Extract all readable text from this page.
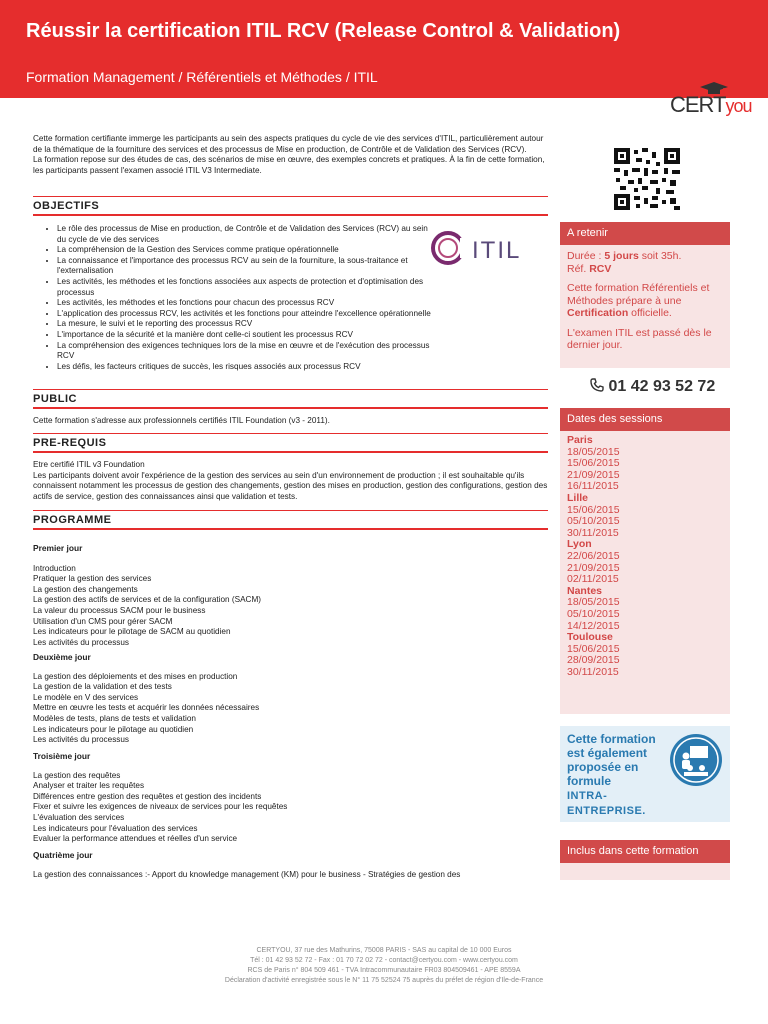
Réussir la certification ITIL RCV (Release Control & Validation)
Formation Management / Référentiels et Méthodes / ITIL
CERTyou
Cette formation certifiante immerge les participants au sein des aspects pratiques du cycle de vie des services d'ITIL, particulièrement autour de la thématique de la fourniture des services et des processus de Mise en production, de Contrôle et de Validation des Services (RCV).
La formation repose sur des études de cas, des scénarios de mise en œuvre, des exemples concrets et pratiques. À la fin de cette formation, les participants passent l'examen associé ITIL V3 Intermediate.
OBJECTIFS
• Le rôle des processus de Mise en production, de Contrôle et de Validation des Services (RCV) au sein du cycle de vie des services
• La compréhension de la Gestion des Services comme pratique opérationnelle
• La connaissance et l'importance des processus RCV au sein de la fourniture, la sous-traitance et l'externalisation
• Les activités, les méthodes et les fonctions associées aux aspects de protection et d'optimisation des processus
• Les activités, les méthodes et les fonctions pour chacun des processus RCV
• L'application des processus RCV, les activités et les fonctions pour atteindre l'excellence opérationnelle
• La mesure, le suivi et le reporting des processus RCV
• L'importance de la sécurité et la manière dont celle-ci soutient les processus RCV
• La compréhension des exigences techniques lors de la mise en œuvre et de l'exécution des processus RCV
• Les défis, les facteurs critiques de succès, les risques associés aux processus RCV
ITIL
PUBLIC
Cette formation s'adresse aux professionnels certifiés ITIL Foundation (v3 - 2011).
PRE-REQUIS
Etre certifié ITIL v3 Foundation
Les participants doivent avoir l'expérience de la gestion des services au sein d'un environnement de production ; il est souhaitable qu'ils connaissent notamment les processus de gestion des changements, gestion des mises en production, gestion des configurations, gestion des actifs de service, gestion des connaissances ainsi que validation et tests.
PROGRAMME
Premier jour
Introduction
Pratiquer la gestion des services
La gestion des changements
La gestion des actifs de services et de la configuration (SACM)
La valeur du processus SACM pour le business
Utilisation d'un CMS pour gérer SACM
Les indicateurs pour le pilotage de SACM au quotidien
Les activités du processus
Deuxième jour
La gestion des déploiements et des mises en production
La gestion de la validation et des tests
Le modèle en V des services
Mettre en œuvre les tests et acquérir les données nécessaires
Modèles de tests, plans de tests et validation
Les indicateurs pour le pilotage au quotidien
Les activités du processus
Troisième jour
La gestion des requêtes
Analyser et traiter les requêtes
Différences entre gestion des requêtes et gestion des incidents
Fixer et suivre les exigences de niveaux de services pour les requêtes
L'évaluation des services
Les indicateurs pour l'évaluation des services
Evaluer la performance attendues et réelles d'un service
Quatrième jour
La gestion des connaissances :- Apport du knowledge management (KM) pour le business - Stratégies de gestion des
A retenir

Durée : 5 jours soit 35h.

Réf. RCV

Cette formation Référentiels et Méthodes prépare à une Certification officielle.

L'examen ITIL est passé dès le dernier jour.

01 42 93 52 72
Dates des sessions
Paris
18/05/2015
15/06/2015
21/09/2015
16/11/2015
Lille
15/06/2015
05/10/2015
30/11/2015
Lyon
22/06/2015
21/09/2015
02/11/2015
Nantes
18/05/2015
05/10/2015
14/12/2015
Toulouse
15/06/2015
28/09/2015
30/11/2015
Cette formation est également proposée en formule
INTRA-ENTREPRISE.
Inclus dans cette formation
CERTYOU, 37 rue des Mathurins, 75008 PARIS - SAS au capital de 10 000 Euros
Tél : 01 42 93 52 72 - Fax : 01 70 72 02 72 - contact@certyou.com - www.certyou.com
RCS de Paris n° 804 509 461 - TVA Intracommunautaire FR03 804509461 - APE 8559A
Déclaration d'activité enregistrée sous le N° 11 75 52524 75 auprès du préfet de région d'Ile-de-France
